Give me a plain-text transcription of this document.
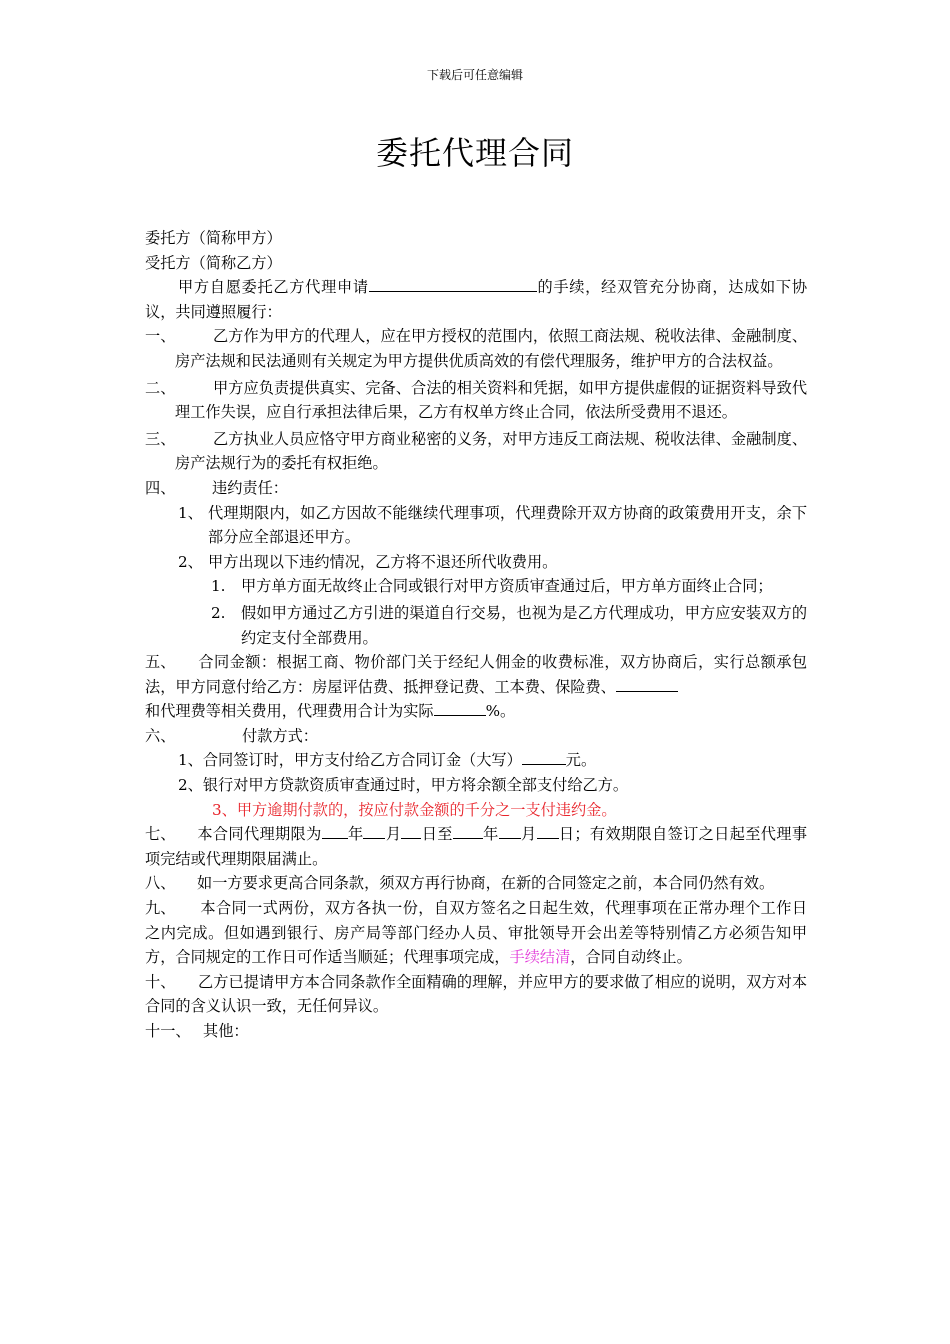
下载后可任意编辑
委托代理合同

委托方（简称甲方）

受托方（简称乙方）

甲方自愿委托乙方代理申请	的手续，经双管充分协商，达成如下协议，共同遵照履行：

一、	乙方作为甲方的代理人，应在甲方授权的范围内，依照工商法规、税收法律、金融制度、房产法规和民法通则有关规定为甲方提供优质高效的有偿代理服务，维护甲方的合法权益。
二、	甲方应负责提供真实、完备、合法的相关资料和凭据，如甲方提供虚假的证据资料导致代理工作失误，应自行承担法律后果，乙方有权单方终止合同，依法所受费用不退还。
三、	乙方执业人员应恪守甲方商业秘密的义务，对甲方违反工商法规、税收法律、金融制度、房产法规行为的委托有权拒绝。
四、	违约责任：
1、 代理期限内，如乙方因故不能继续代理事项，代理费除开双方协商的政策费用开支，余下部分应全部退还甲方。
2、 甲方出现以下违约情况，乙方将不退还所代收费用。
1.	甲方单方面无故终止合同或银行对甲方资质审查通过后，甲方单方面终止合同；
2.	假如甲方通过乙方引进的渠道自行交易，也视为是乙方代理成功，甲方应安装双方的约定支付全部费用。

五、 合同金额：根据工商、物价部门关于经纪人佣金的收费标准，双方协商后，实行总额承包法，甲方同意付给乙方：房屋评估费、抵押登记费、工本费、保险费、

和代理费等相关费用，代理费用合计为实际	%。

六、	付款方式：

1、合同签订时，甲方支付给乙方合同订金（大写）	元。

2、银行对甲方贷款资质审查通过时，甲方将余额全部支付给乙方。

3、甲方逾期付款的，按应付款金额的千分之一支付违约金。

七、 本合同代理期限为 年 月 日至 年 月 日；有效期限自签订之日起至代理事项完结或代理期限届满止。

八、 如一方要求更高合同条款，须双方再行协商，在新的合同签定之前，本合同仍然有效。

九、 本合同一式两份，双方各执一份，自双方签名之日起生效，代理事项在正常办理个工作日之内完成。但如遇到银行、房产局等部门经办人员、审批领导开会出差等特别情乙方必须告知甲方，合同规定的工作日可作适当顺延；代理事项完成，手续结清，合同自动终止。

十、 乙方已提请甲方本合同条款作全面精确的理解，并应甲方的要求做了相应的说明，双方对本合同的含义认识一致，无任何异议。

十一、 其他：
